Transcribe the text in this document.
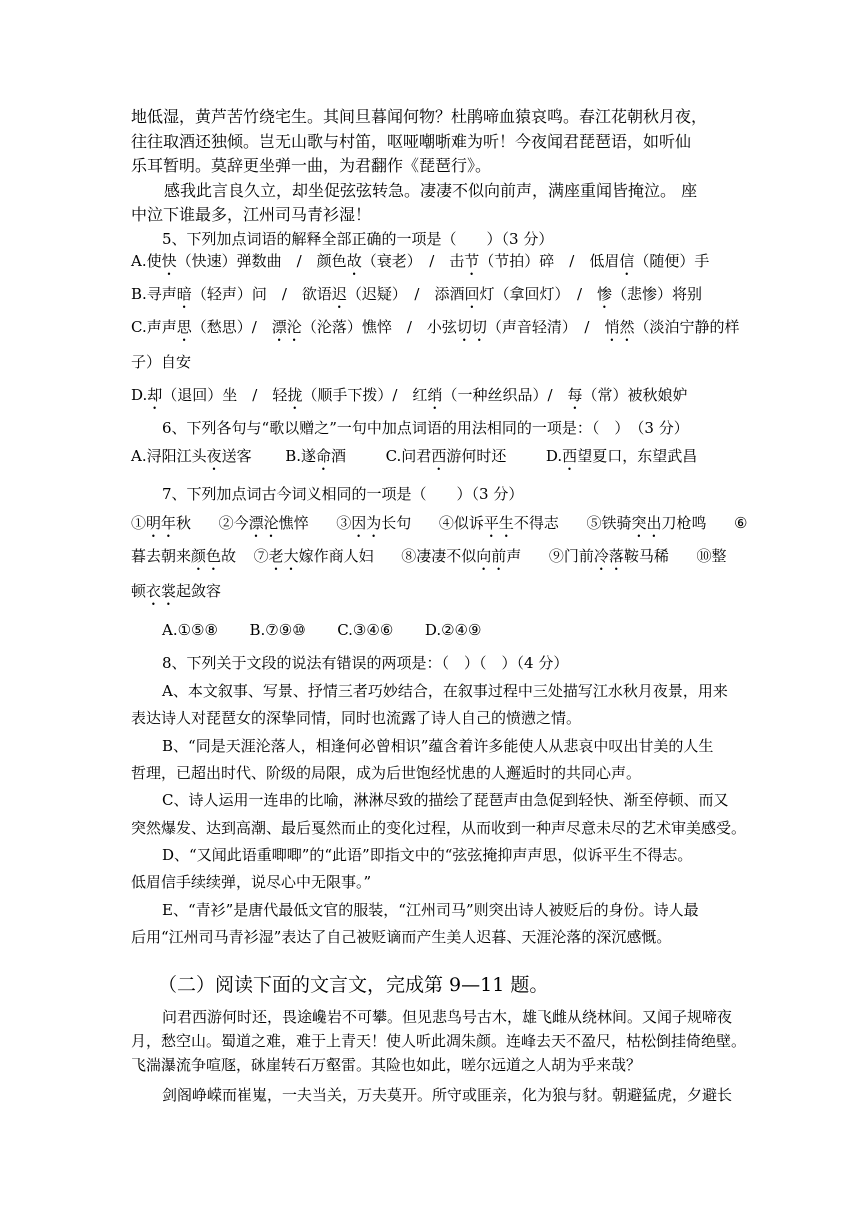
地低湿，黄芦苦竹绕宅生。其间旦暮闻何物？杜鹃啼血猿哀鸣。春江花朝秋月夜，
往往取酒还独倾。岂无山歌与村笛，呕哑嘲哳难为听！今夜闻君琵琶语，如听仙
乐耳暂明。莫辞更坐弹一曲，为君翻作《琵琶行》。
感我此言良久立，却坐促弦弦转急。凄凄不似向前声，满座重闻皆掩泣。 座
中泣下谁最多，江州司马青衫湿！
5、下列加点词语的解释全部正确的一项是（　　）（3 分）
A.使快（快速）弹数曲　/　颜色故（衰老）　/　击节（节拍）碎　/　低眉信（随便）手
B.寻声暗（轻声）问　/　欲语迟（迟疑）　/　添酒回灯（拿回灯）　/　惨（悲惨）将别
C.声声思（愁思）/　漂沦（沦落）憔悴　/　小弦切切（声音轻清）　/　悄然（淡泊宁静的样
子）自安
D.却（退回）坐　/　轻拢（顺手下拨）/　红绡（一种丝织品）/　每（常）被秋娘妒
6、下列各句与“歌以赠之”一句中加点词语的用法相同的一项是：（　）　（3 分）
A.浔阳江头夜送客 B.遂命酒	C.问君西游何时还	D.西望夏口，东望武昌
7、下列加点词古今词义相同的一项是（　　）（3 分）
①明年秋 ②今漂沦憔悴 ③因为长句 ④似诉平生不得志 ⑤铁骑突出刀枪鸣 ⑥
暮去朝来颜色故 ⑦老大嫁作商人妇 ⑧凄凄不似向前声 ⑨门前冷落鞍马稀 ⑩整
顿衣裳起敛容
A.①⑤⑧ B.⑦⑨⑩ C.③④⑥ D.②④⑨
8、下列关于文段的说法有错误的两项是：（　）（　）（4 分）
A、本文叙事、写景、抒情三者巧妙结合，在叙事过程中三处描写江水秋月夜景，用来
表达诗人对琵琶女的深挚同情，同时也流露了诗人自己的愤懑之情。
B、“同是天涯沦落人，相逢何必曾相识”蕴含着许多能使人从悲哀中叹出甘美的人生
哲理，已超出时代、阶级的局限，成为后世饱经忧患的人邂逅时的共同心声。
C、诗人运用一连串的比喻，淋淋尽致的描绘了琵琶声由急促到轻快、渐至停顿、而又
突然爆发、达到高潮、最后戛然而止的变化过程，从而收到一种声尽意未尽的艺术审美感受。
D、“又闻此语重唧唧”的“此语”即指文中的“弦弦掩抑声声思，似诉平生不得志。
低眉信手续续弹，说尽心中无限事。”
E、“青衫”是唐代最低文官的服装，“江州司马”则突出诗人被贬后的身份。诗人最
后用“江州司马青衫湿”表达了自己被贬谪而产生美人迟暮、天涯沦落的深沉感慨。
（二）阅读下面的文言文，完成第 9—11 题。
问君西游何时还，畏途巉岩不可攀。但见悲鸟号古木，雄飞雌从绕林间。又闻子规啼夜
月，愁空山。蜀道之难，难于上青天！使人听此凋朱颜。连峰去天不盈尺，枯松倒挂倚绝壁。
飞湍瀑流争喧豗，砯崖转石万壑雷。其险也如此，嗟尔远道之人胡为乎来哉？
剑阁峥嵘而崔嵬，一夫当关，万夫莫开。所守或匪亲，化为狼与豺。朝避猛虎，夕避长
